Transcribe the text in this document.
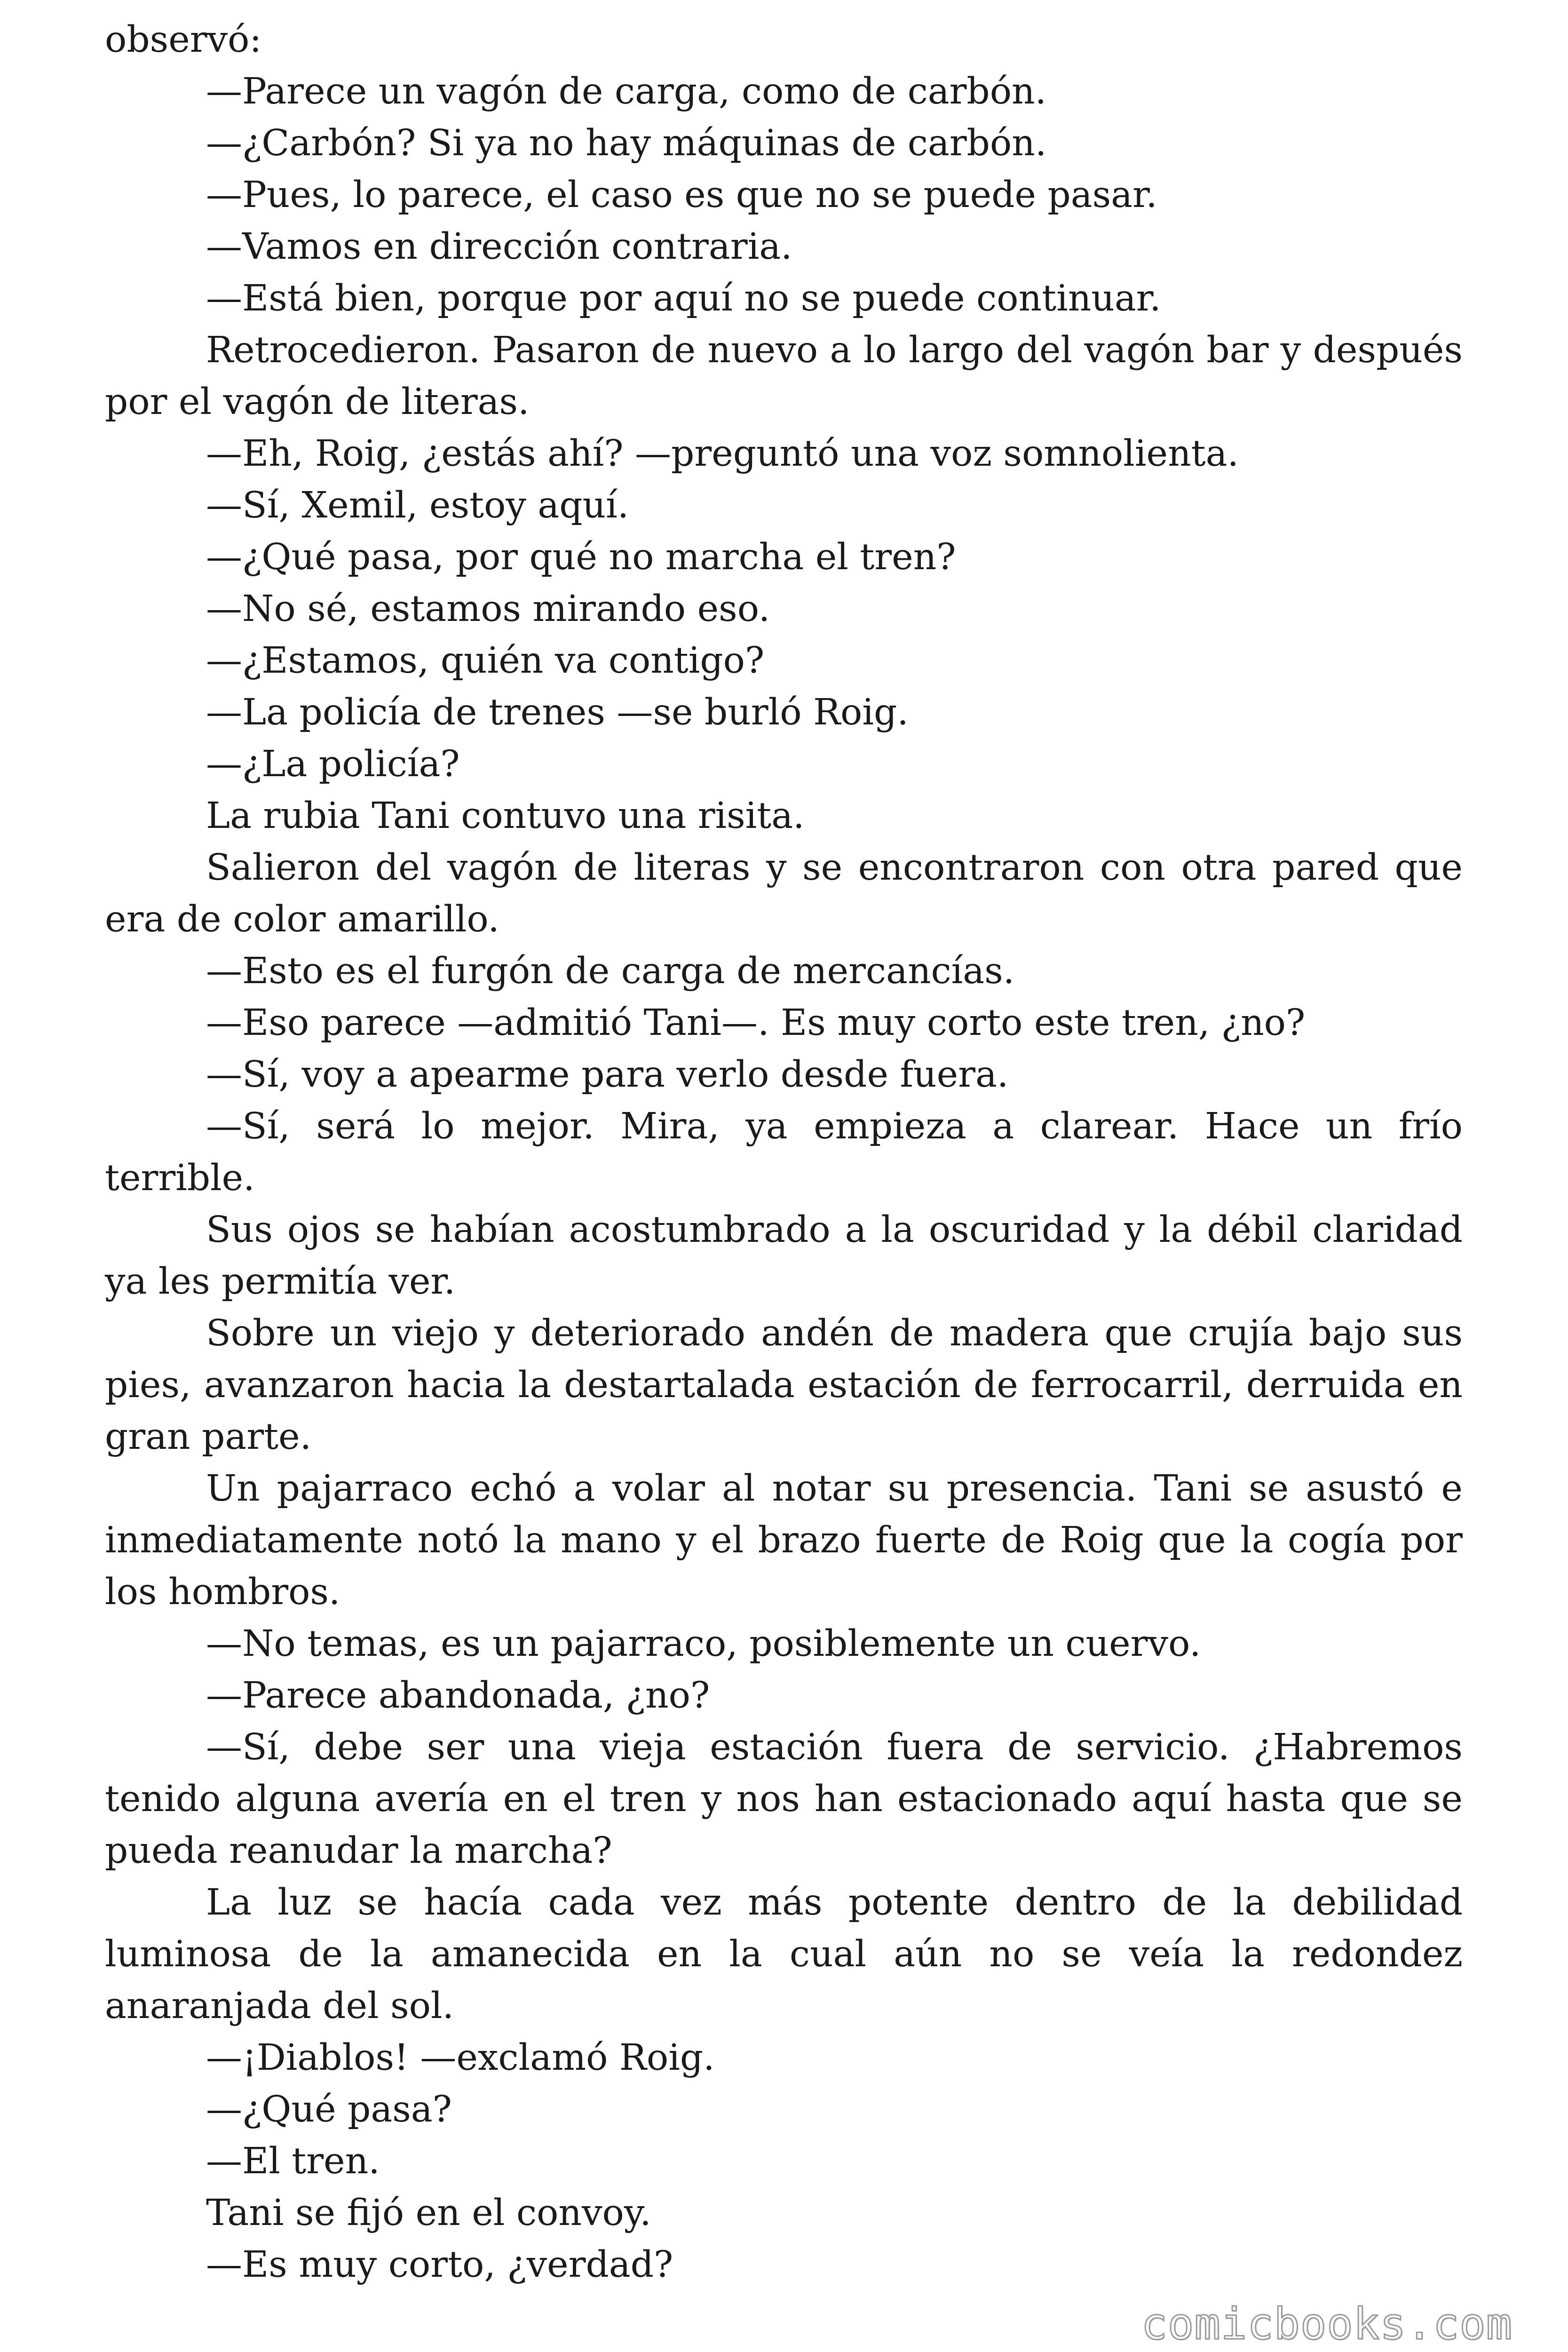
observó:

—Parece un vagón de carga, como de carbón.

—¿Carbón? Si ya no hay máquinas de carbón.

—Pues, lo parece, el caso es que no se puede pasar.

—Vamos en dirección contraria.

—Está bien, porque por aquí no se puede continuar.

Retrocedieron. Pasaron de nuevo a lo largo del vagón bar y después por el vagón de literas.

—Eh, Roig, ¿estás ahí? —preguntó una voz somnolienta.

—Sí, Xemil, estoy aquí.

—¿Qué pasa, por qué no marcha el tren?

—No sé, estamos mirando eso.

—¿Estamos, quién va contigo?

—La policía de trenes —se burló Roig.

—¿La policía?

La rubia Tani contuvo una risita.

Salieron del vagón de literas y se encontraron con otra pared que era de color amarillo.

—Esto es el furgón de carga de mercancías.

—Eso parece —admitió Tani—. Es muy corto este tren, ¿no?

—Sí, voy a apearme para verlo desde fuera.

—Sí, será lo mejor. Mira, ya empieza a clarear. Hace un frío terrible.

Sus ojos se habían acostumbrado a la oscuridad y la débil claridad ya les permitía ver.

Sobre un viejo y deteriorado andén de madera que crujía bajo sus pies, avanzaron hacia la destartalada estación de ferrocarril, derruida en gran parte.

Un pajarraco echó a volar al notar su presencia. Tani se asustó e inmediatamente notó la mano y el brazo fuerte de Roig que la cogía por los hombros.

—No temas, es un pajarraco, posiblemente un cuervo.

—Parece abandonada, ¿no?

—Sí, debe ser una vieja estación fuera de servicio. ¿Habremos tenido alguna avería en el tren y nos han estacionado aquí hasta que se pueda reanudar la marcha?

La luz se hacía cada vez más potente dentro de la debilidad luminosa de la amanecida en la cual aún no se veía la redondez anaranjada del sol.

—¡Diablos! —exclamó Roig.

—¿Qué pasa?

—El tren.

Tani se fijó en el convoy.

—Es muy corto, ¿verdad?

comicbooks.com
